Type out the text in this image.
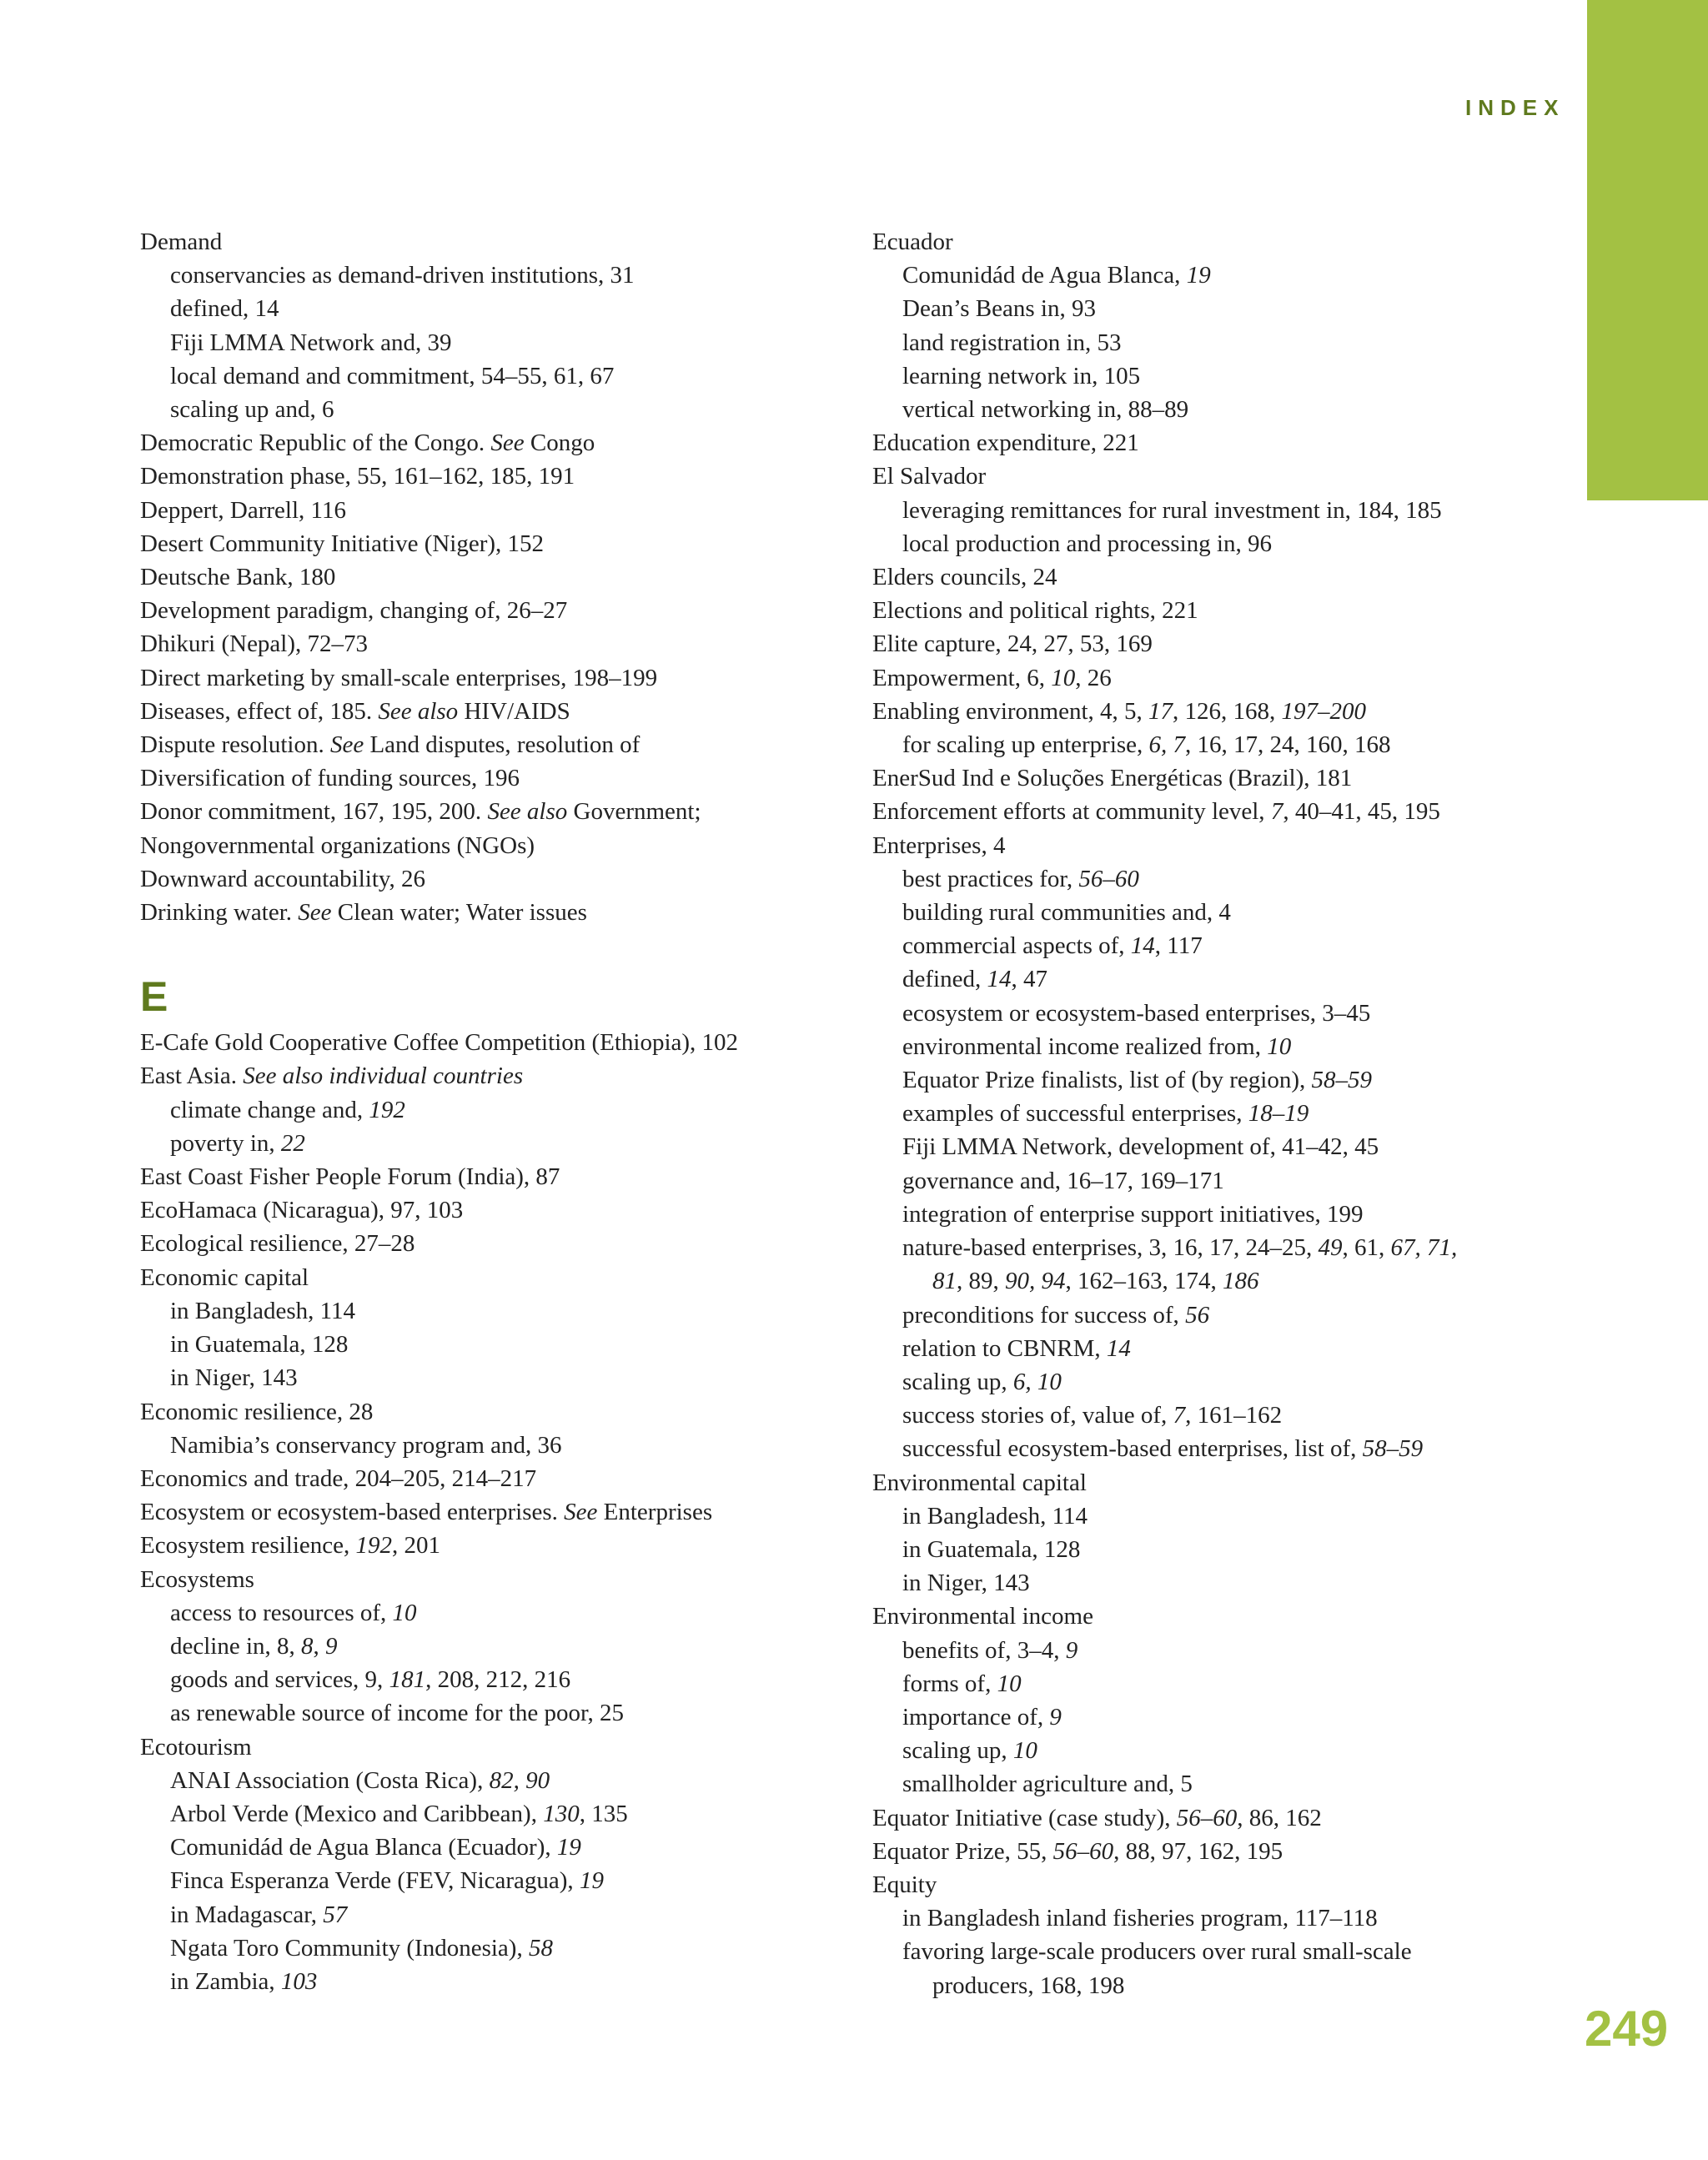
INDEX
Demand
conservancies as demand-driven institutions, 31
defined, 14
Fiji LMMA Network and, 39
local demand and commitment, 54–55, 61, 67
scaling up and, 6
Democratic Republic of the Congo. See Congo
Demonstration phase, 55, 161–162, 185, 191
Deppert, Darrell, 116
Desert Community Initiative (Niger), 152
Deutsche Bank, 180
Development paradigm, changing of, 26–27
Dhikuri (Nepal), 72–73
Direct marketing by small-scale enterprises, 198–199
Diseases, effect of, 185. See also HIV/AIDS
Dispute resolution. See Land disputes, resolution of
Diversification of funding sources, 196
Donor commitment, 167, 195, 200. See also Government;
Nongovernmental organizations (NGOs)
Downward accountability, 26
Drinking water. See Clean water; Water issues
E
E-Cafe Gold Cooperative Coffee Competition (Ethiopia), 102
East Asia. See also individual countries
climate change and, 192
poverty in, 22
East Coast Fisher People Forum (India), 87
EcoHamaca (Nicaragua), 97, 103
Ecological resilience, 27–28
Economic capital
in Bangladesh, 114
in Guatemala, 128
in Niger, 143
Economic resilience, 28
Namibia’s conservancy program and, 36
Economics and trade, 204–205, 214–217
Ecosystem or ecosystem-based enterprises. See Enterprises
Ecosystem resilience, 192, 201
Ecosystems
access to resources of, 10
decline in, 8, 8, 9
goods and services, 9, 181, 208, 212, 216
as renewable source of income for the poor, 25
Ecotourism
ANAI Association (Costa Rica), 82, 90
Arbol Verde (Mexico and Caribbean), 130, 135
Comunidád de Agua Blanca (Ecuador), 19
Finca Esperanza Verde (FEV, Nicaragua), 19
in Madagascar, 57
Ngata Toro Community (Indonesia), 58
in Zambia, 103
Ecuador
Comunidád de Agua Blanca, 19
Dean’s Beans in, 93
land registration in, 53
learning network in, 105
vertical networking in, 88–89
Education expenditure, 221
El Salvador
leveraging remittances for rural investment in, 184, 185
local production and processing in, 96
Elders councils, 24
Elections and political rights, 221
Elite capture, 24, 27, 53, 169
Empowerment, 6, 10, 26
Enabling environment, 4, 5, 17, 126, 168, 197–200
for scaling up enterprise, 6, 7, 16, 17, 24, 160, 168
EnerSud Ind e Soluções Energéticas (Brazil), 181
Enforcement efforts at community level, 7, 40–41, 45, 195
Enterprises, 4
best practices for, 56–60
building rural communities and, 4
commercial aspects of, 14, 117
defined, 14, 47
ecosystem or ecosystem-based enterprises, 3–45
environmental income realized from, 10
Equator Prize finalists, list of (by region), 58–59
examples of successful enterprises, 18–19
Fiji LMMA Network, development of, 41–42, 45
governance and, 16–17, 169–171
integration of enterprise support initiatives, 199
nature-based enterprises, 3, 16, 17, 24–25, 49, 61, 67, 71,
81, 89, 90, 94, 162–163, 174, 186
preconditions for success of, 56
relation to CBNRM, 14
scaling up, 6, 10
success stories of, value of, 7, 161–162
successful ecosystem-based enterprises, list of, 58–59
Environmental capital
in Bangladesh, 114
in Guatemala, 128
in Niger, 143
Environmental income
benefits of, 3–4, 9
forms of, 10
importance of, 9
scaling up, 10
smallholder agriculture and, 5
Equator Initiative (case study), 56–60, 86, 162
Equator Prize, 55, 56–60, 88, 97, 162, 195
Equity
in Bangladesh inland fisheries program, 117–118
favoring large-scale producers over rural small-scale
producers, 168, 198
249
